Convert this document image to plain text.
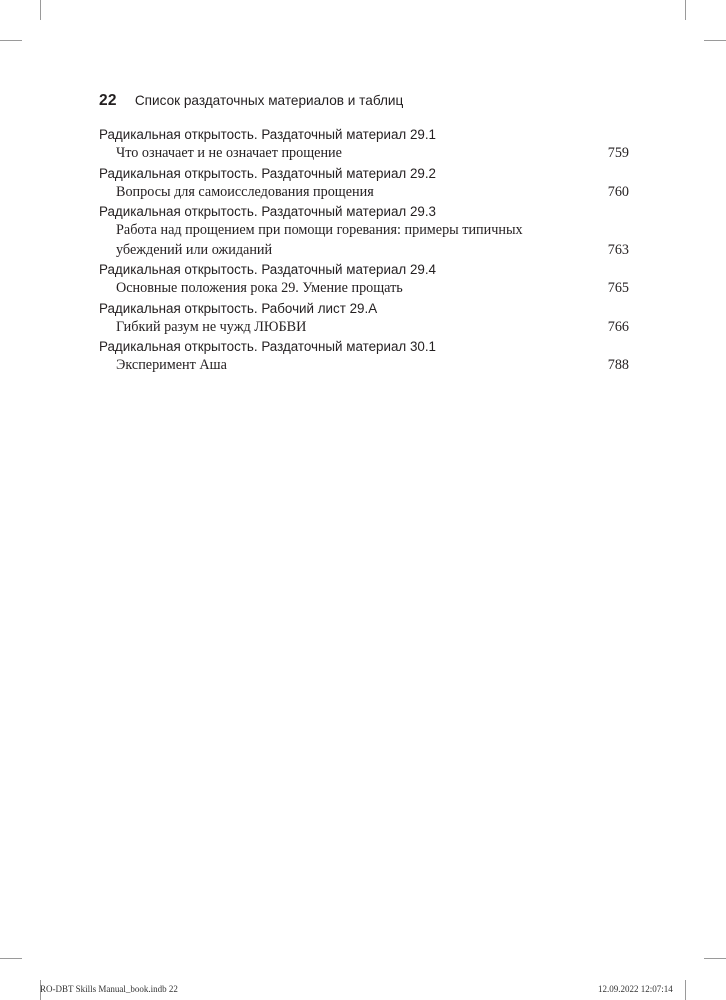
22 Список раздаточных материалов и таблиц
Радикальная открытость. Раздаточный материал 29.1
Что означает и не означает прощение	759
Радикальная открытость. Раздаточный материал 29.2
Вопросы для самоисследования прощения	760
Радикальная открытость. Раздаточный материал 29.3
Работа над прощением при помощи горевания: примеры типичных убеждений или ожиданий	763
Радикальная открытость. Раздаточный материал 29.4
Основные положения рока 29. Умение прощать	765
Радикальная открытость. Рабочий лист 29.А
Гибкий разум не чужд ЛЮБВИ	766
Радикальная открытость. Раздаточный материал 30.1
Эксперимент Аша	788
RO-DBT Skills Manual_book.indb 22	12.09.2022 12:07:14
